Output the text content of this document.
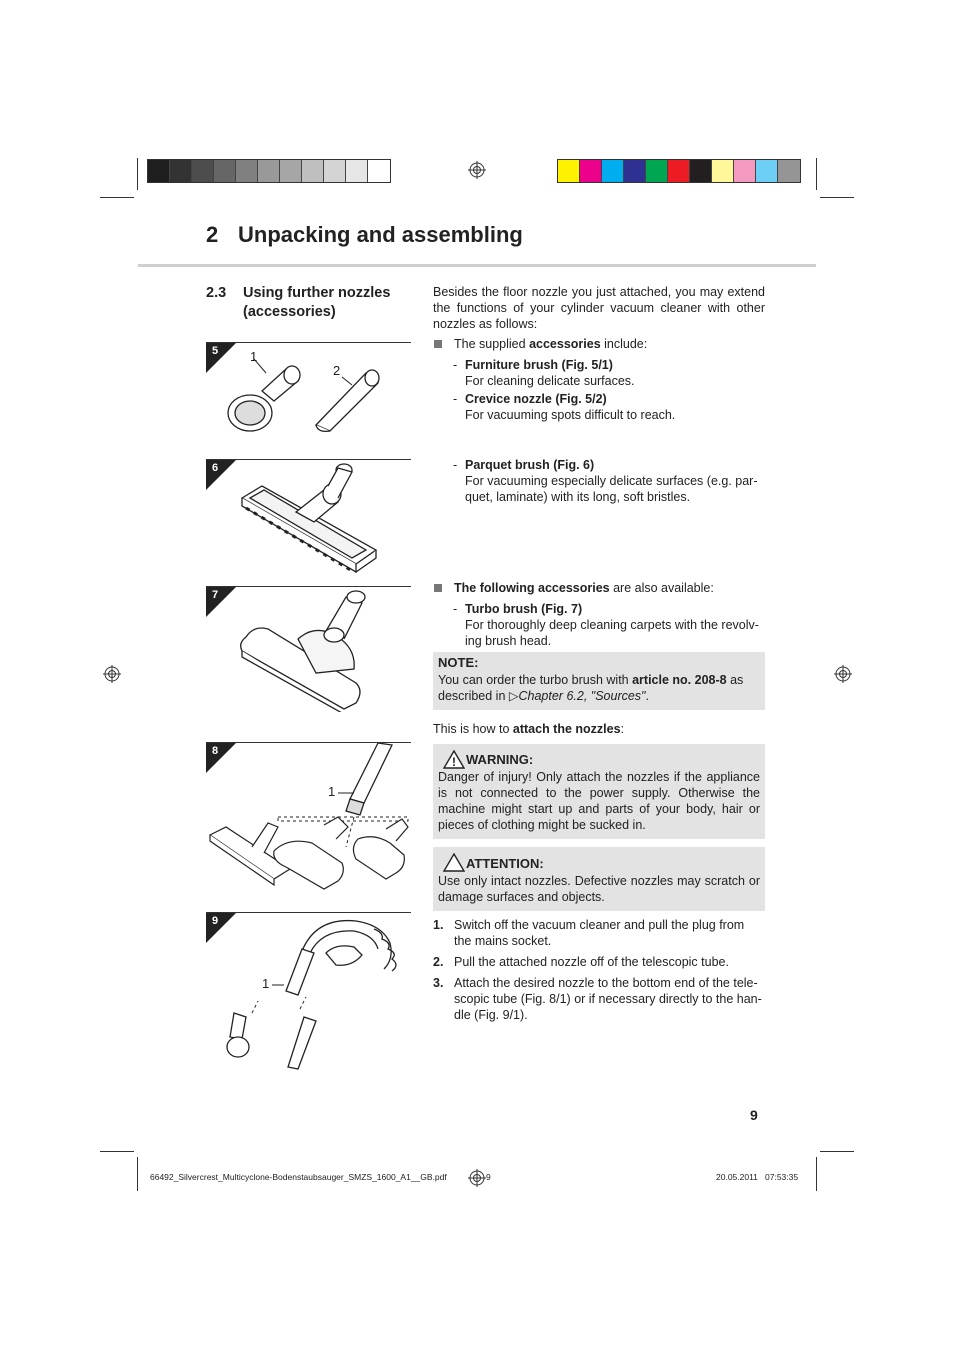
2 Unpacking and assembling
2.3 Using further nozzles (accessories)
5 1
2
6
7
8
1
9
1
Besides the floor nozzle you just attached, you may extend the functions of your cylinder vacuum cleaner with other nozzles as follows:
The supplied accessories include:
- Furniture brush (Fig. 5/1)
For cleaning delicate surfaces.
- Crevice nozzle (Fig. 5/2)
For vacuuming spots difficult to reach.
- Parquet brush (Fig. 6)
For vacuuming especially delicate surfaces (e.g. par-
quet, laminate) with its long, soft bristles.
The following accessories are also available:
- Turbo brush (Fig. 7)
For thoroughly deep cleaning carpets with the revolv-
ing brush head.
NOTE:
You can order the turbo brush with article no. 208-8 as
described in ▷Chapter 6.2, "Sources".
This is how to attach the nozzles:
! WARNING:
Danger of injury! Only attach the nozzles if the appliance is not connected to the power supply. Otherwise the machine might start up and parts of your body, hair or pieces of clothing might be sucked in.
ATTENTION:
Use only intact nozzles. Defective nozzles may scratch or damage surfaces and objects.
1. Switch off the vacuum cleaner and pull the plug from the mains socket.
2. Pull the attached nozzle off of the telescopic tube.
3. Attach the desired nozzle to the bottom end of the tele-scopic tube (Fig. 8/1) or if necessary directly to the han-dle (Fig. 9/1).
9
66492_Silvercrest_Multicyclone-Bodenstaubsauger_SMZS_1600_A1__GB.pdf	9	20.05.2011 07:53:35
